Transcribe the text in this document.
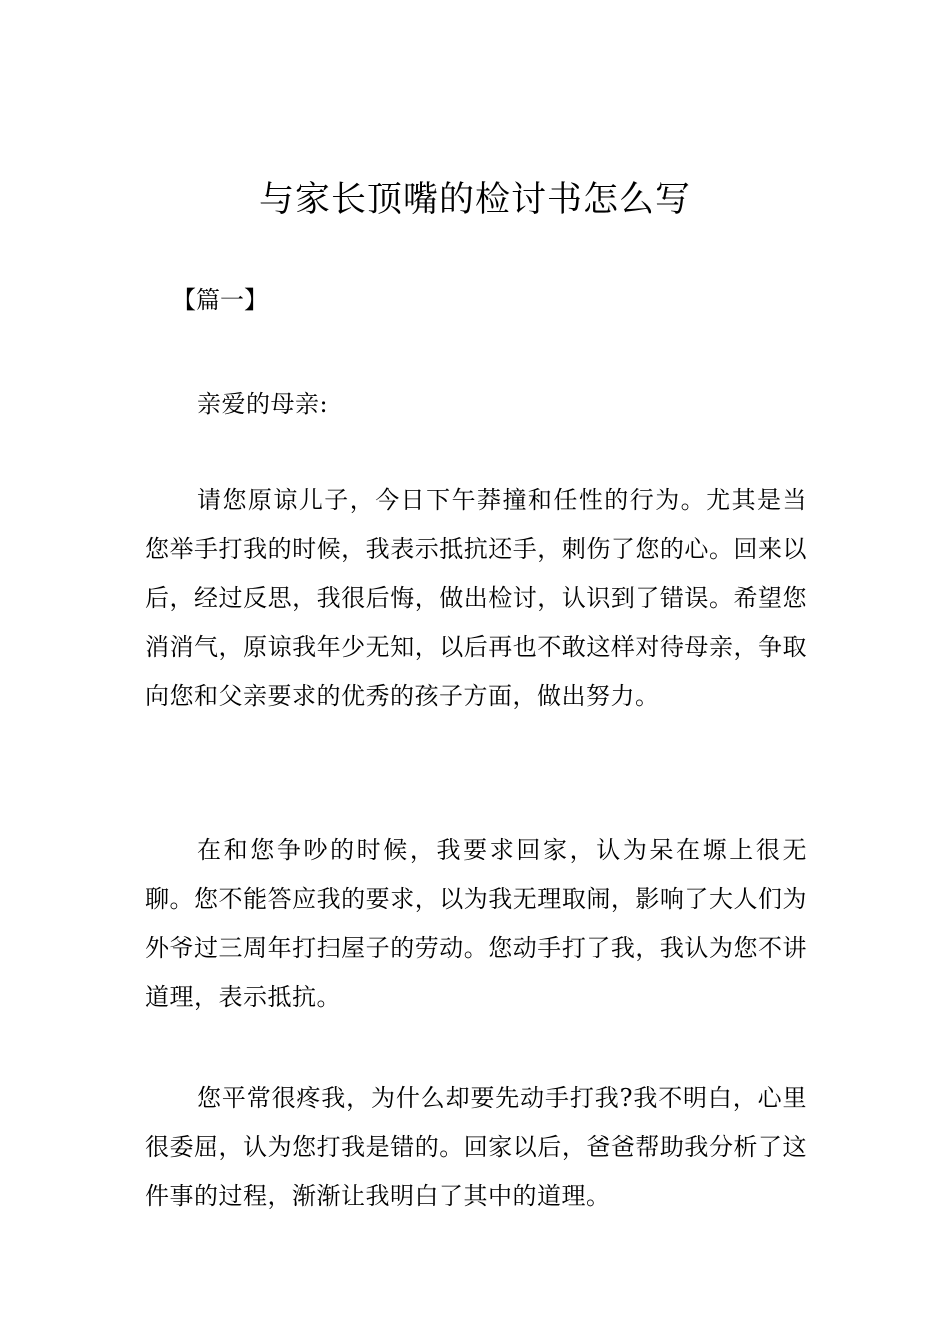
与家长顶嘴的检讨书怎么写

【篇一】

亲爱的母亲:

请您原谅儿子，今日下午莽撞和任性的行为。尤其是当您举手打我的时候，我表示抵抗还手，刺伤了您的心。回来以后，经过反思，我很后悔，做出检讨，认识到了错误。希望您消消气，原谅我年少无知，以后再也不敢这样对待母亲，争取向您和父亲要求的优秀的孩子方面，做出努力。

在和您争吵的时候，我要求回家，认为呆在塬上很无聊。您不能答应我的要求，以为我无理取闹，影响了大人们为外爷过三周年打扫屋子的劳动。您动手打了我，我认为您不讲道理，表示抵抗。

您平常很疼我，为什么却要先动手打我?我不明白，心里很委屈，认为您打我是错的。回家以后，爸爸帮助我分析了这件事的过程，渐渐让我明白了其中的道理。
